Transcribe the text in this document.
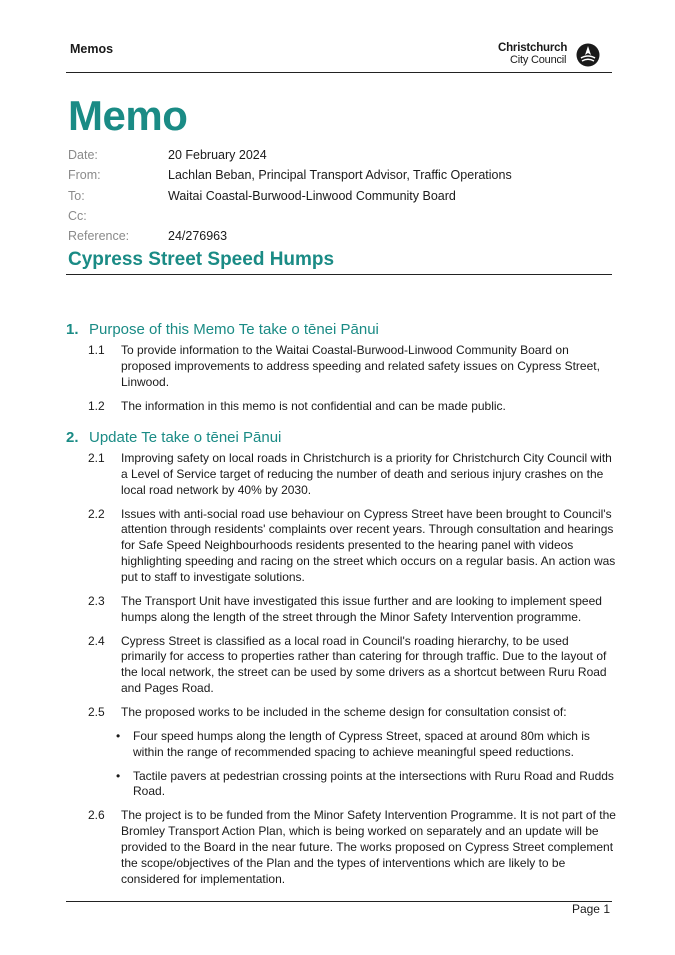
Memos	Christchurch
City Council
Memo
Date:	20 February 2024
From:	Lachlan Beban, Principal Transport Advisor, Traffic Operations
To:	Waitai Coastal-Burwood-Linwood Community Board
Cc:
Reference:	24/276963
Cypress Street Speed Humps
1. Purpose of this Memo Te take o tēnei Pānui
1.1 To provide information to the Waitai Coastal-Burwood-Linwood Community Board on proposed improvements to address speeding and related safety issues on Cypress Street, Linwood.
1.2 The information in this memo is not confidential and can be made public.
2. Update Te take o tēnei Pānui
2.1 Improving safety on local roads in Christchurch is a priority for Christchurch City Council with a Level of Service target of reducing the number of death and serious injury crashes on the local road network by 40% by 2030.
2.2 Issues with anti-social road use behaviour on Cypress Street have been brought to Council's attention through residents' complaints over recent years. Through consultation and hearings for Safe Speed Neighbourhoods residents presented to the hearing panel with videos highlighting speeding and racing on the street which occurs on a regular basis. An action was put to staff to investigate solutions.
2.3 The Transport Unit have investigated this issue further and are looking to implement speed humps along the length of the street through the Minor Safety Intervention programme.
2.4 Cypress Street is classified as a local road in Council's roading hierarchy, to be used primarily for access to properties rather than catering for through traffic. Due to the layout of the local network, the street can be used by some drivers as a shortcut between Ruru Road and Pages Road.
2.5 The proposed works to be included in the scheme design for consultation consist of:
• Four speed humps along the length of Cypress Street, spaced at around 80m which is within the range of recommended spacing to achieve meaningful speed reductions.
• Tactile pavers at pedestrian crossing points at the intersections with Ruru Road and Rudds Road.
2.6 The project is to be funded from the Minor Safety Intervention Programme. It is not part of the Bromley Transport Action Plan, which is being worked on separately and an update will be provided to the Board in the near future. The works proposed on Cypress Street complement the scope/objectives of the Plan and the types of interventions which are likely to be considered for implementation.
Page 1
